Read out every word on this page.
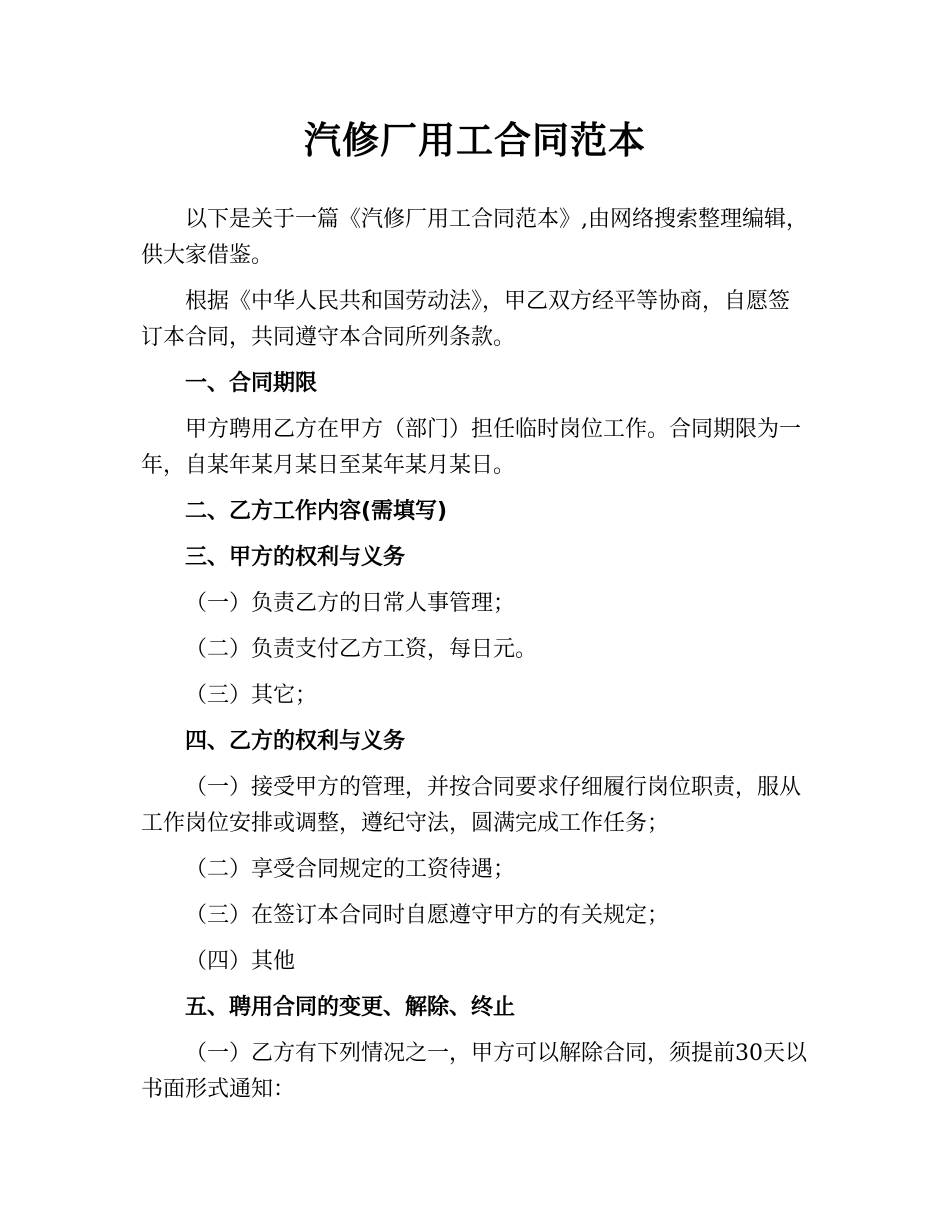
汽修厂用工合同范本

以下是关于一篇《汽修厂用工合同范本》,由网络搜索整理编辑，供大家借鉴。

根据《中华人民共和国劳动法》，甲乙双方经平等协商，自愿签订本合同，共同遵守本合同所列条款。

一、合同期限

甲方聘用乙方在甲方（部门）担任临时岗位工作。合同期限为一年，自某年某月某日至某年某月某日。

二、乙方工作内容(需填写)

三、甲方的权利与义务

（一）负责乙方的日常人事管理；

（二）负责支付乙方工资，每日元。

（三）其它；

四、乙方的权利与义务

（一）接受甲方的管理，并按合同要求仔细履行岗位职责，服从工作岗位安排或调整，遵纪守法，圆满完成工作任务；

（二）享受合同规定的工资待遇；

（三）在签订本合同时自愿遵守甲方的有关规定；

（四）其他

五、聘用合同的变更、解除、终止

（一）乙方有下列情况之一，甲方可以解除合同，须提前30天以书面形式通知：
